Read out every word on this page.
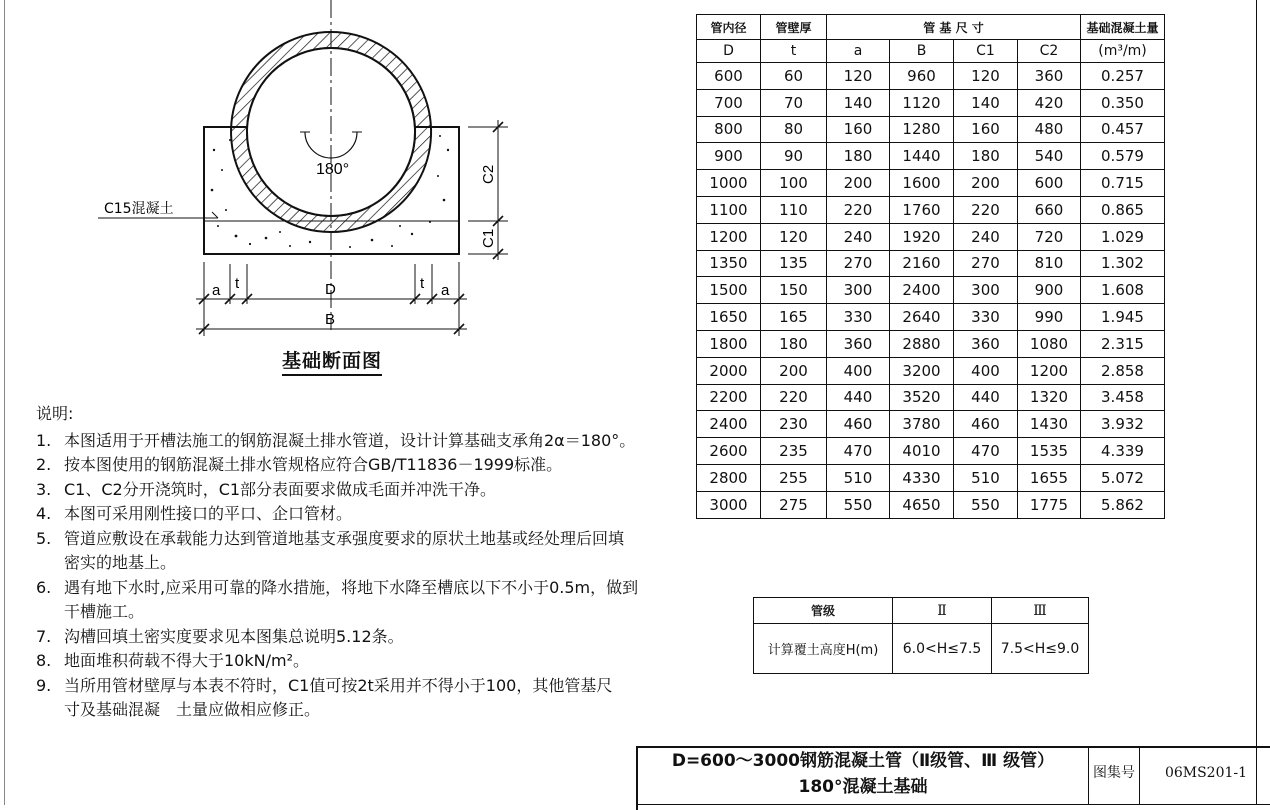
180°
C15混凝土
C2
C1
a t	D	t a
B
基础断面图
说明:
1. 本图适用于开槽法施工的钢筋混凝土排水管道，设计计算基础支承角2α＝180°。
2. 按本图使用的钢筋混凝土排水管规格应符合GB/T11836－1999标准。
3. C1、C2分开浇筑时，C1部分表面要求做成毛面并冲洗干净。
4. 本图可采用刚性接口的平口、企口管材。
5. 管道应敷设在承载能力达到管道地基支承强度要求的原状土地基或经处理后回填密实的地基上。
6. 遇有地下水时,应采用可靠的降水措施，将地下水降至槽底以下不小于0.5m，做到干槽施工。
7. 沟槽回填土密实度要求见本图集总说明5.12条。
8. 地面堆积荷载不得大于10kN/m²。
9. 当所用管材壁厚与本表不符时，C1值可按2t采用并不得小于100，其他管基尺寸及基础混凝　土量应做相应修正。
管内径	管壁厚	管 基 尺 寸				基础混凝土量
D	t	a	B	C1	C2	(m³/m)
600	60	120	960	120	360	0.257
700	70	140	1120	140	420	0.350
800	80	160	1280	160	480	0.457
900	90	180	1440	180	540	0.579
1000	100	200	1600	200	600	0.715
1100	110	220	1760	220	660	0.865
1200	120	240	1920	240	720	1.029
1350	135	270	2160	270	810	1.302
1500	150	300	2400	300	900	1.608
1650	165	330	2640	330	990	1.945
1800	180	360	2880	360	1080	2.315
2000	200	400	3200	400	1200	2.858
2200	220	440	3520	440	1320	3.458
2400	230	460	3780	460	1430	3.932
2600	235	470	4010	470	1535	4.339
2800	255	510	4330	510	1655	5.072
3000	275	550	4650	550	1775	5.862
管级	Ⅱ	Ⅲ
计算覆土高度H(m)	6.0<H≤7.5	7.5<H≤9.0
D=600～3000钢筋混凝土管（Ⅱ级管、Ⅲ 级管）
180°混凝土基础
图集号	06MS201-1
